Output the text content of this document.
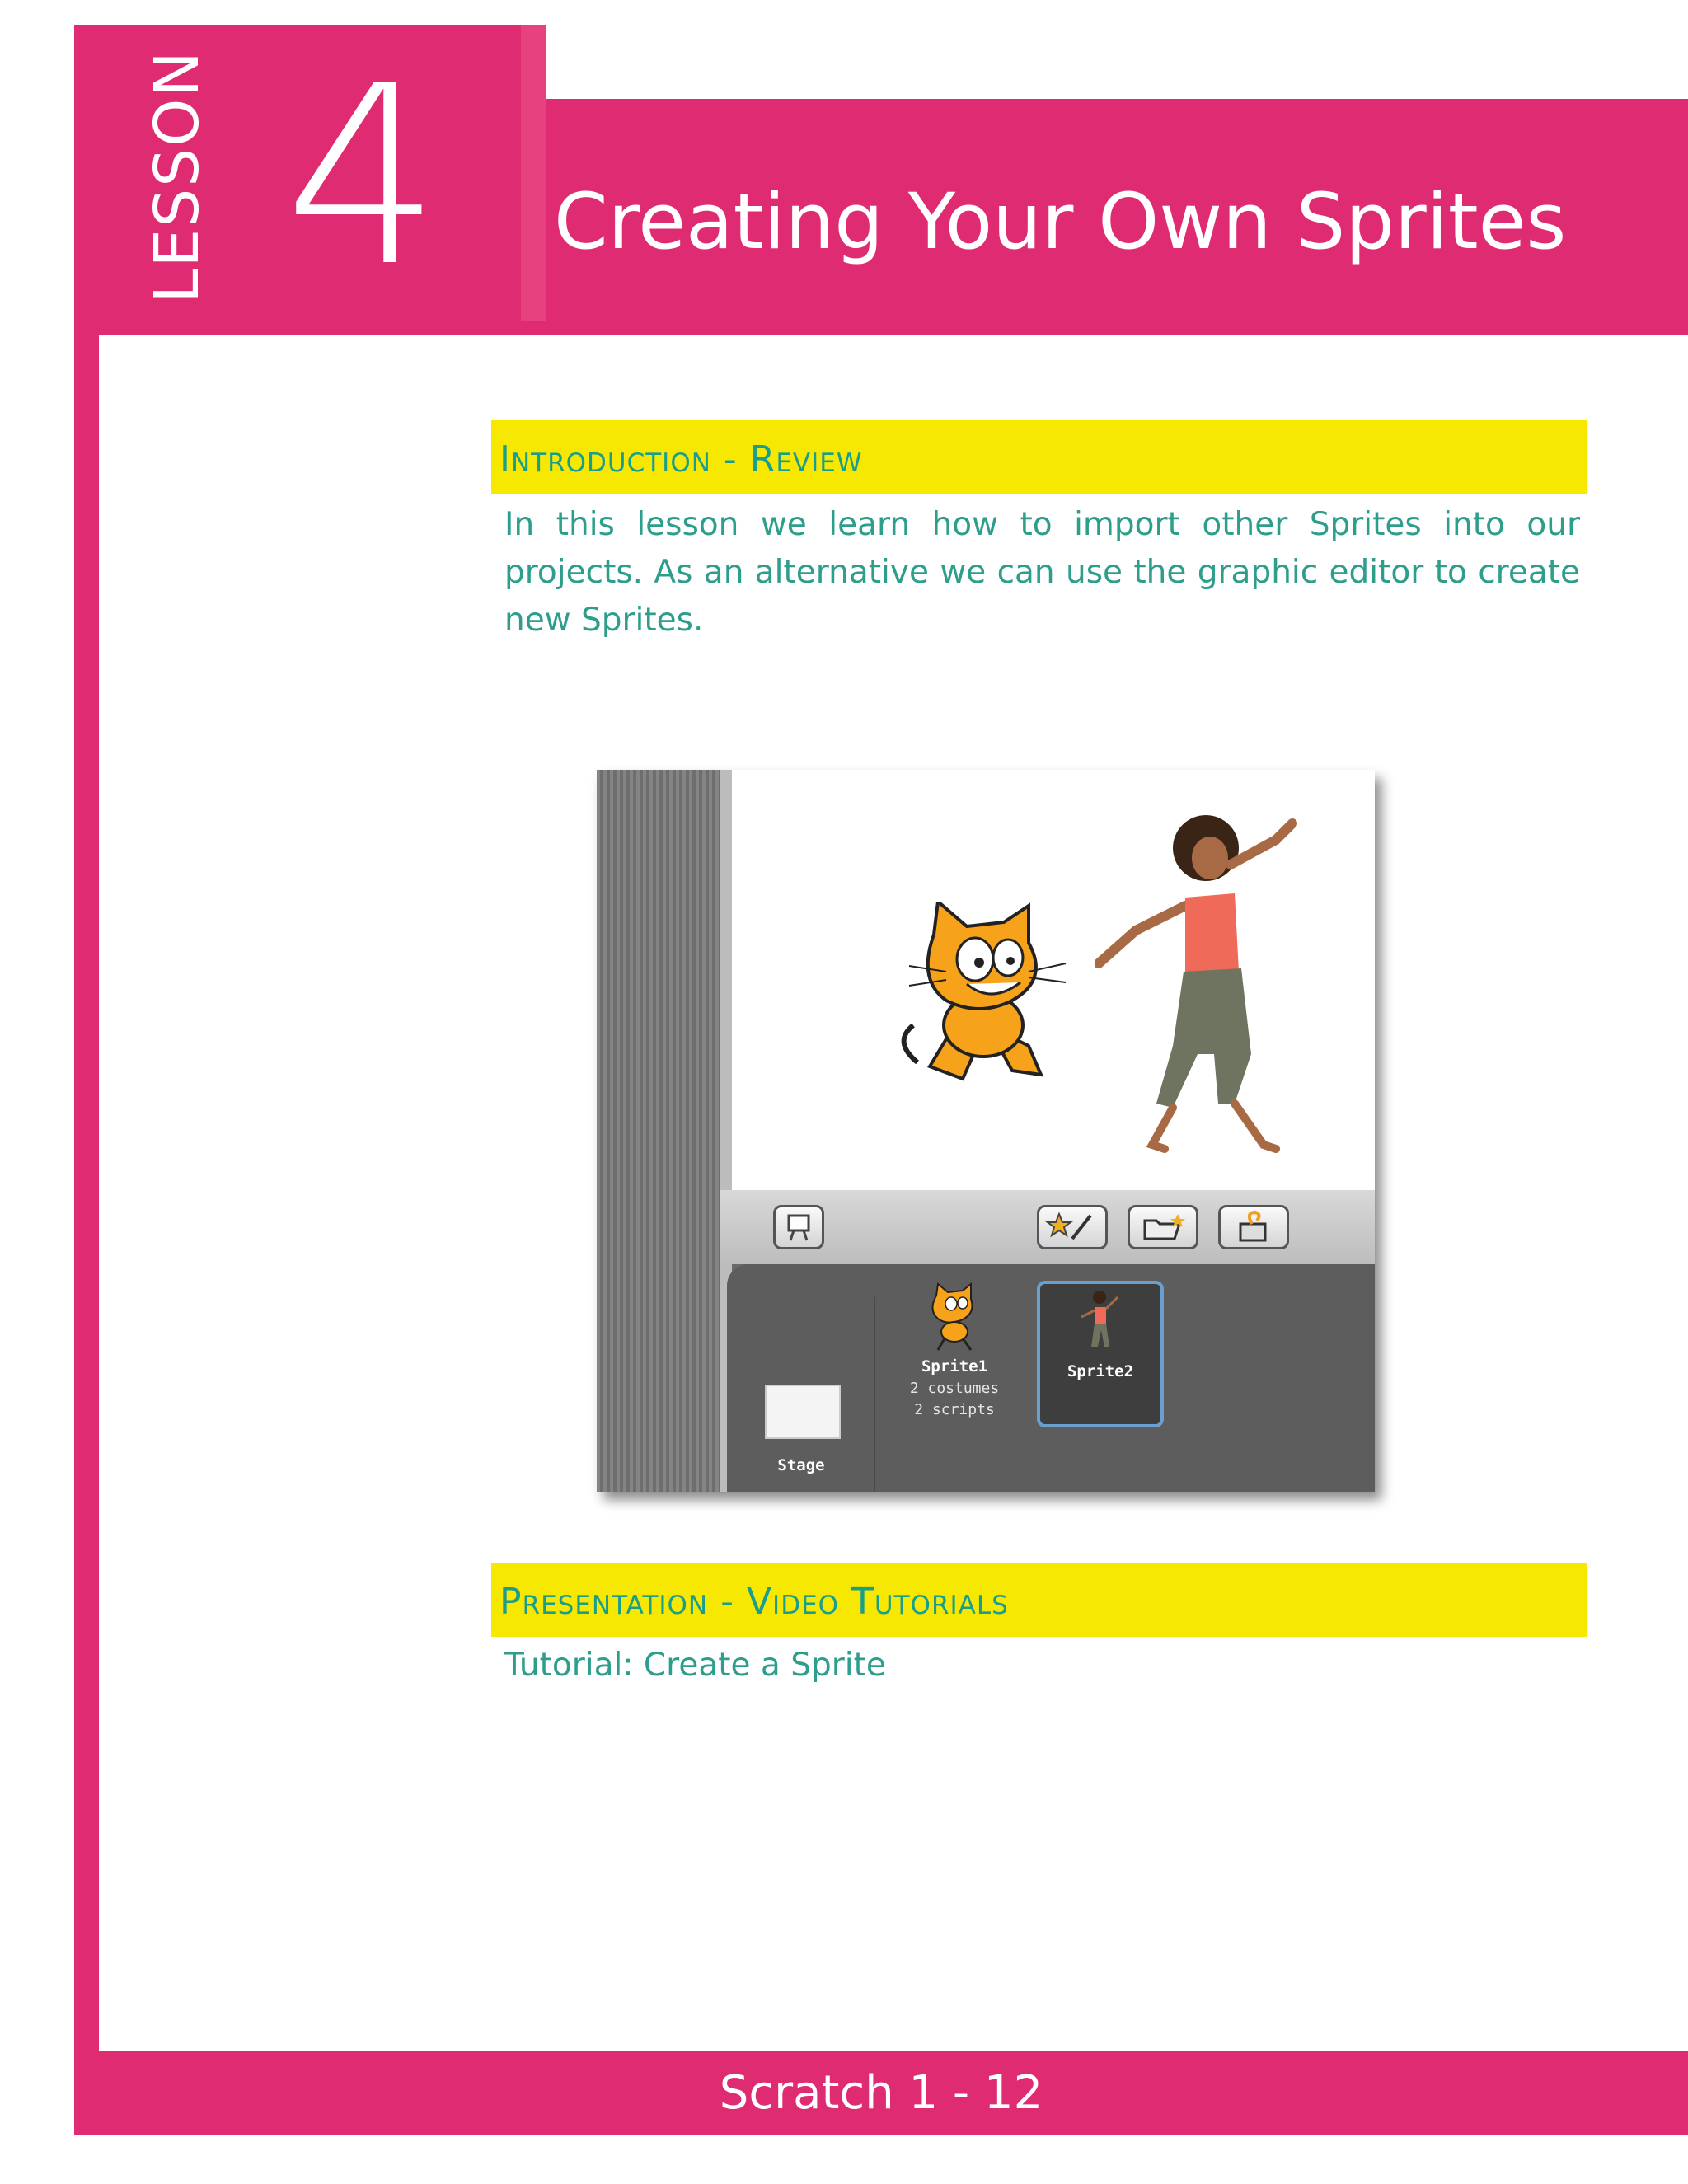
LESSON 4 Creating Your Own Sprites
Introduction - Review
In this lesson we learn how to import other Sprites into our projects. As an alternative we can use the graphic editor to create new Sprites.
Stage
Sprite1
2 costumes
2 scripts
Sprite2
Presentation - Video Tutorials
Tutorial: Create a Sprite
Scratch 1 - 12
